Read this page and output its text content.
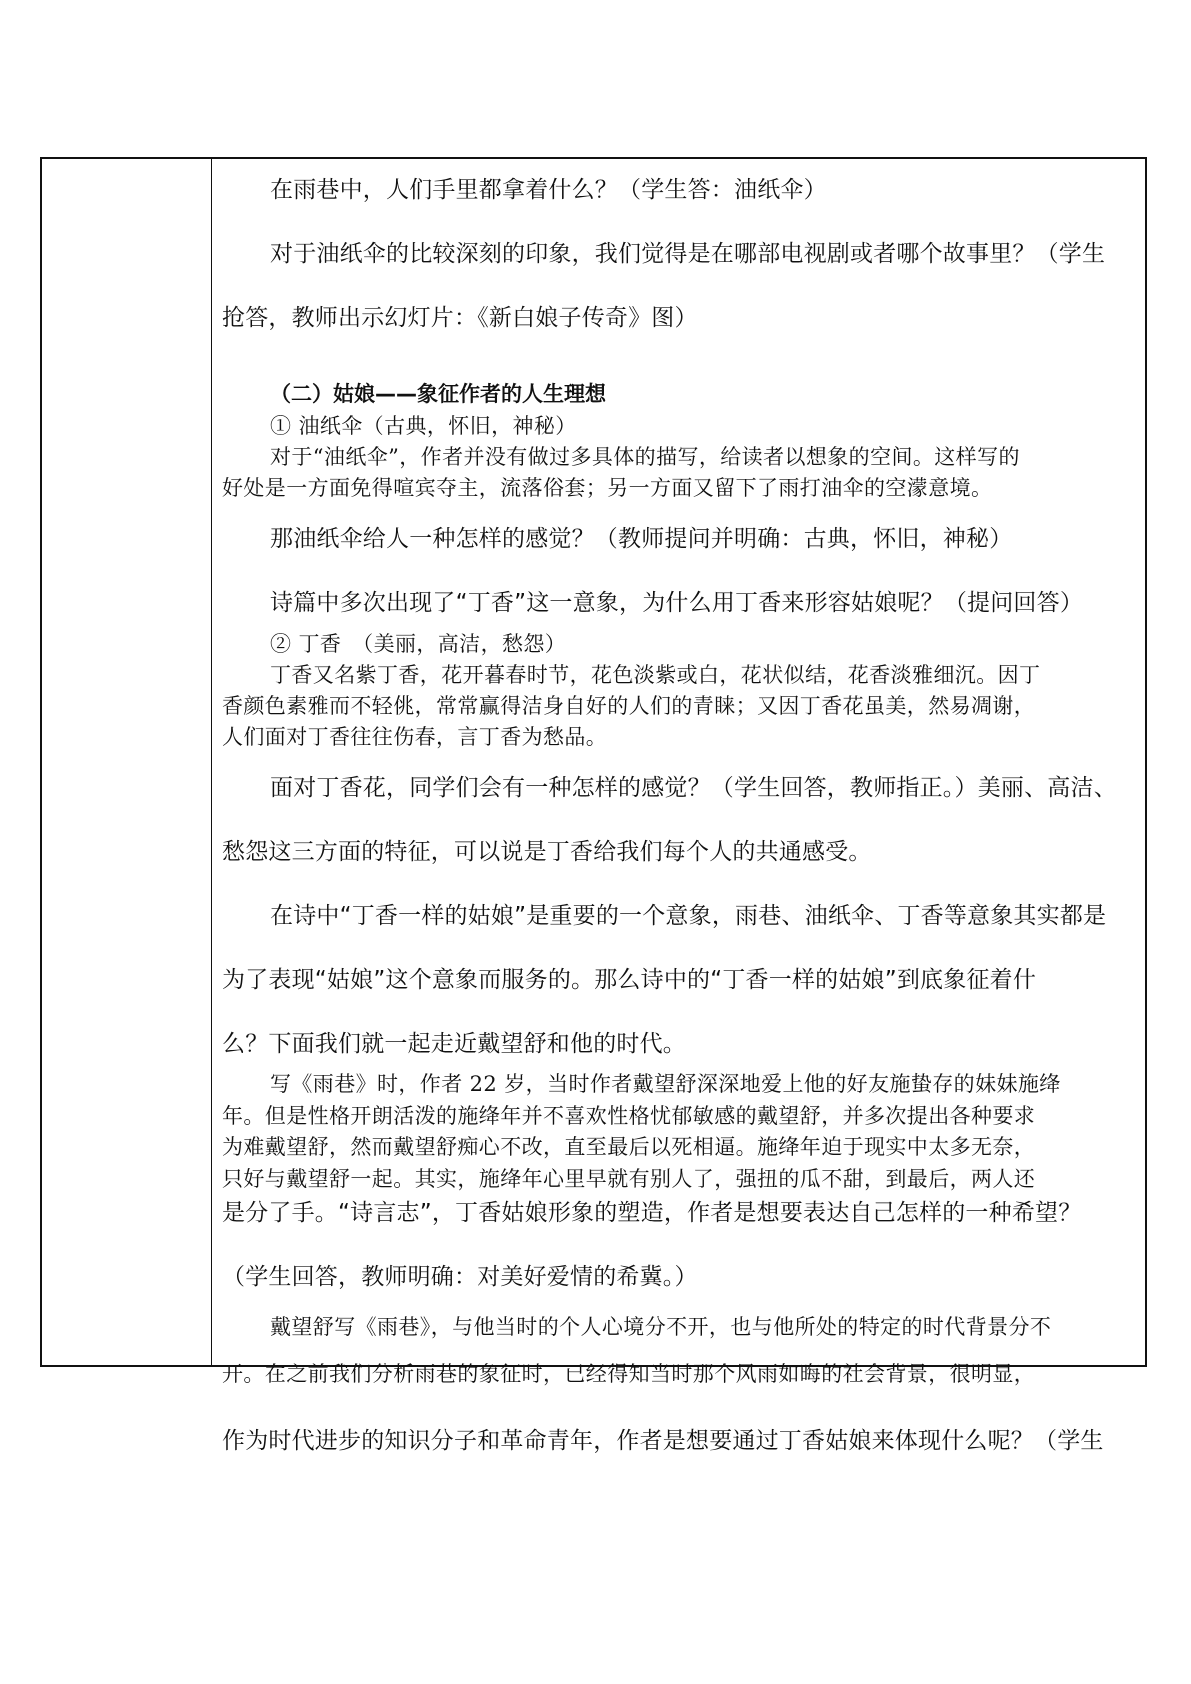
在雨巷中，人们手里都拿着什么？（学生答：油纸伞）

对于油纸伞的比较深刻的印象，我们觉得是在哪部电视剧或者哪个故事里？（学生

抢答，教师出示幻灯片：《新白娘子传奇》图）

（二）姑娘——象征作者的人生理想

① 油纸伞（古典，怀旧，神秘）

对于“油纸伞”，作者并没有做过多具体的描写，给读者以想象的空间。这样写的

好处是一方面免得喧宾夺主，流落俗套；另一方面又留下了雨打油伞的空濛意境。

那油纸伞给人一种怎样的感觉？（教师提问并明确：古典，怀旧，神秘）

诗篇中多次出现了“丁香”这一意象，为什么用丁香来形容姑娘呢？（提问回答）

② 丁香　（美丽，高洁，愁怨）

丁香又名紫丁香，花开暮春时节，花色淡紫或白，花状似结，花香淡雅细沉。因丁

香颜色素雅而不轻佻，常常赢得洁身自好的人们的青睐；又因丁香花虽美，然易凋谢，

人们面对丁香往往伤春，言丁香为愁品。

面对丁香花，同学们会有一种怎样的感觉？（学生回答，教师指正。）美丽、高洁、

愁怨这三方面的特征，可以说是丁香给我们每个人的共通感受。

在诗中“丁香一样的姑娘”是重要的一个意象，雨巷、油纸伞、丁香等意象其实都是

为了表现“姑娘”这个意象而服务的。那么诗中的“丁香一样的姑娘”到底象征着什

么？下面我们就一起走近戴望舒和他的时代。

写《雨巷》时，作者 22 岁，当时作者戴望舒深深地爱上他的好友施蛰存的妹妹施绛

年。但是性格开朗活泼的施绛年并不喜欢性格忧郁敏感的戴望舒，并多次提出各种要求

为难戴望舒，然而戴望舒痴心不改，直至最后以死相逼。施绛年迫于现实中太多无奈，

只好与戴望舒一起。其实，施绛年心里早就有别人了，强扭的瓜不甜，到最后，两人还

是分了手。“诗言志”，丁香姑娘形象的塑造，作者是想要表达自己怎样的一种希望？

（学生回答，教师明确：对美好爱情的希冀。）

戴望舒写《雨巷》，与他当时的个人心境分不开，也与他所处的特定的时代背景分不

开。在之前我们分析雨巷的象征时，已经得知当时那个风雨如晦的社会背景，很明显，

作为时代进步的知识分子和革命青年，作者是想要通过丁香姑娘来体现什么呢？（学生
